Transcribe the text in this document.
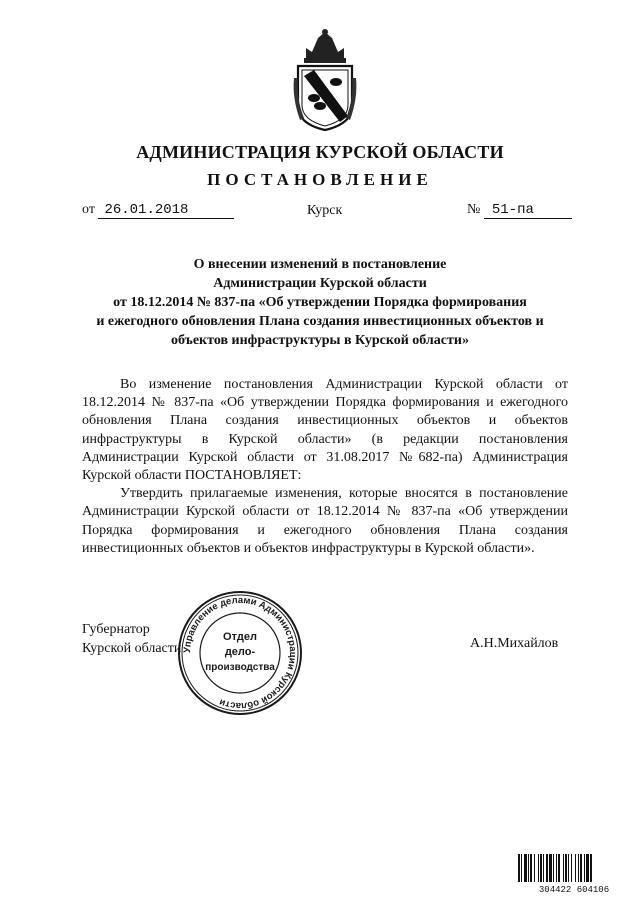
АДМИНИСТРАЦИЯ КУРСКОЙ ОБЛАСТИ
ПОСТАНОВЛЕНИЕ
от 26.01.2018	Курск	№ 51-па
О внесении изменений в постановление
Администрации Курской области
от 18.12.2014 № 837-па «Об утверждении Порядка формирования
и ежегодного обновления Плана создания инвестиционных объектов и
объектов инфраструктуры в Курской области»

Во изменение постановления Администрации Курской области от 18.12.2014 № 837-па «Об утверждении Порядка формирования и ежегодного обновления Плана создания инвестиционных объектов и объектов инфраструктуры в Курской области» (в редакции постановления Администрации Курской области от 31.08.2017 №682-па) Администрация Курской области ПОСТАНОВЛЯЕТ:

Утвердить прилагаемые изменения, которые вносятся в постановление Администрации Курской области от 18.12.2014 № 837-па «Об утверждении Порядка формирования и ежегодного обновления Плана создания инвестиционных объектов и объектов инфраструктуры в Курской области».

Губернатор
Курской области	А.Н.Михайлов
Управление делами Администрации Курской области
Отдел
дело-
производства
304422 604106
